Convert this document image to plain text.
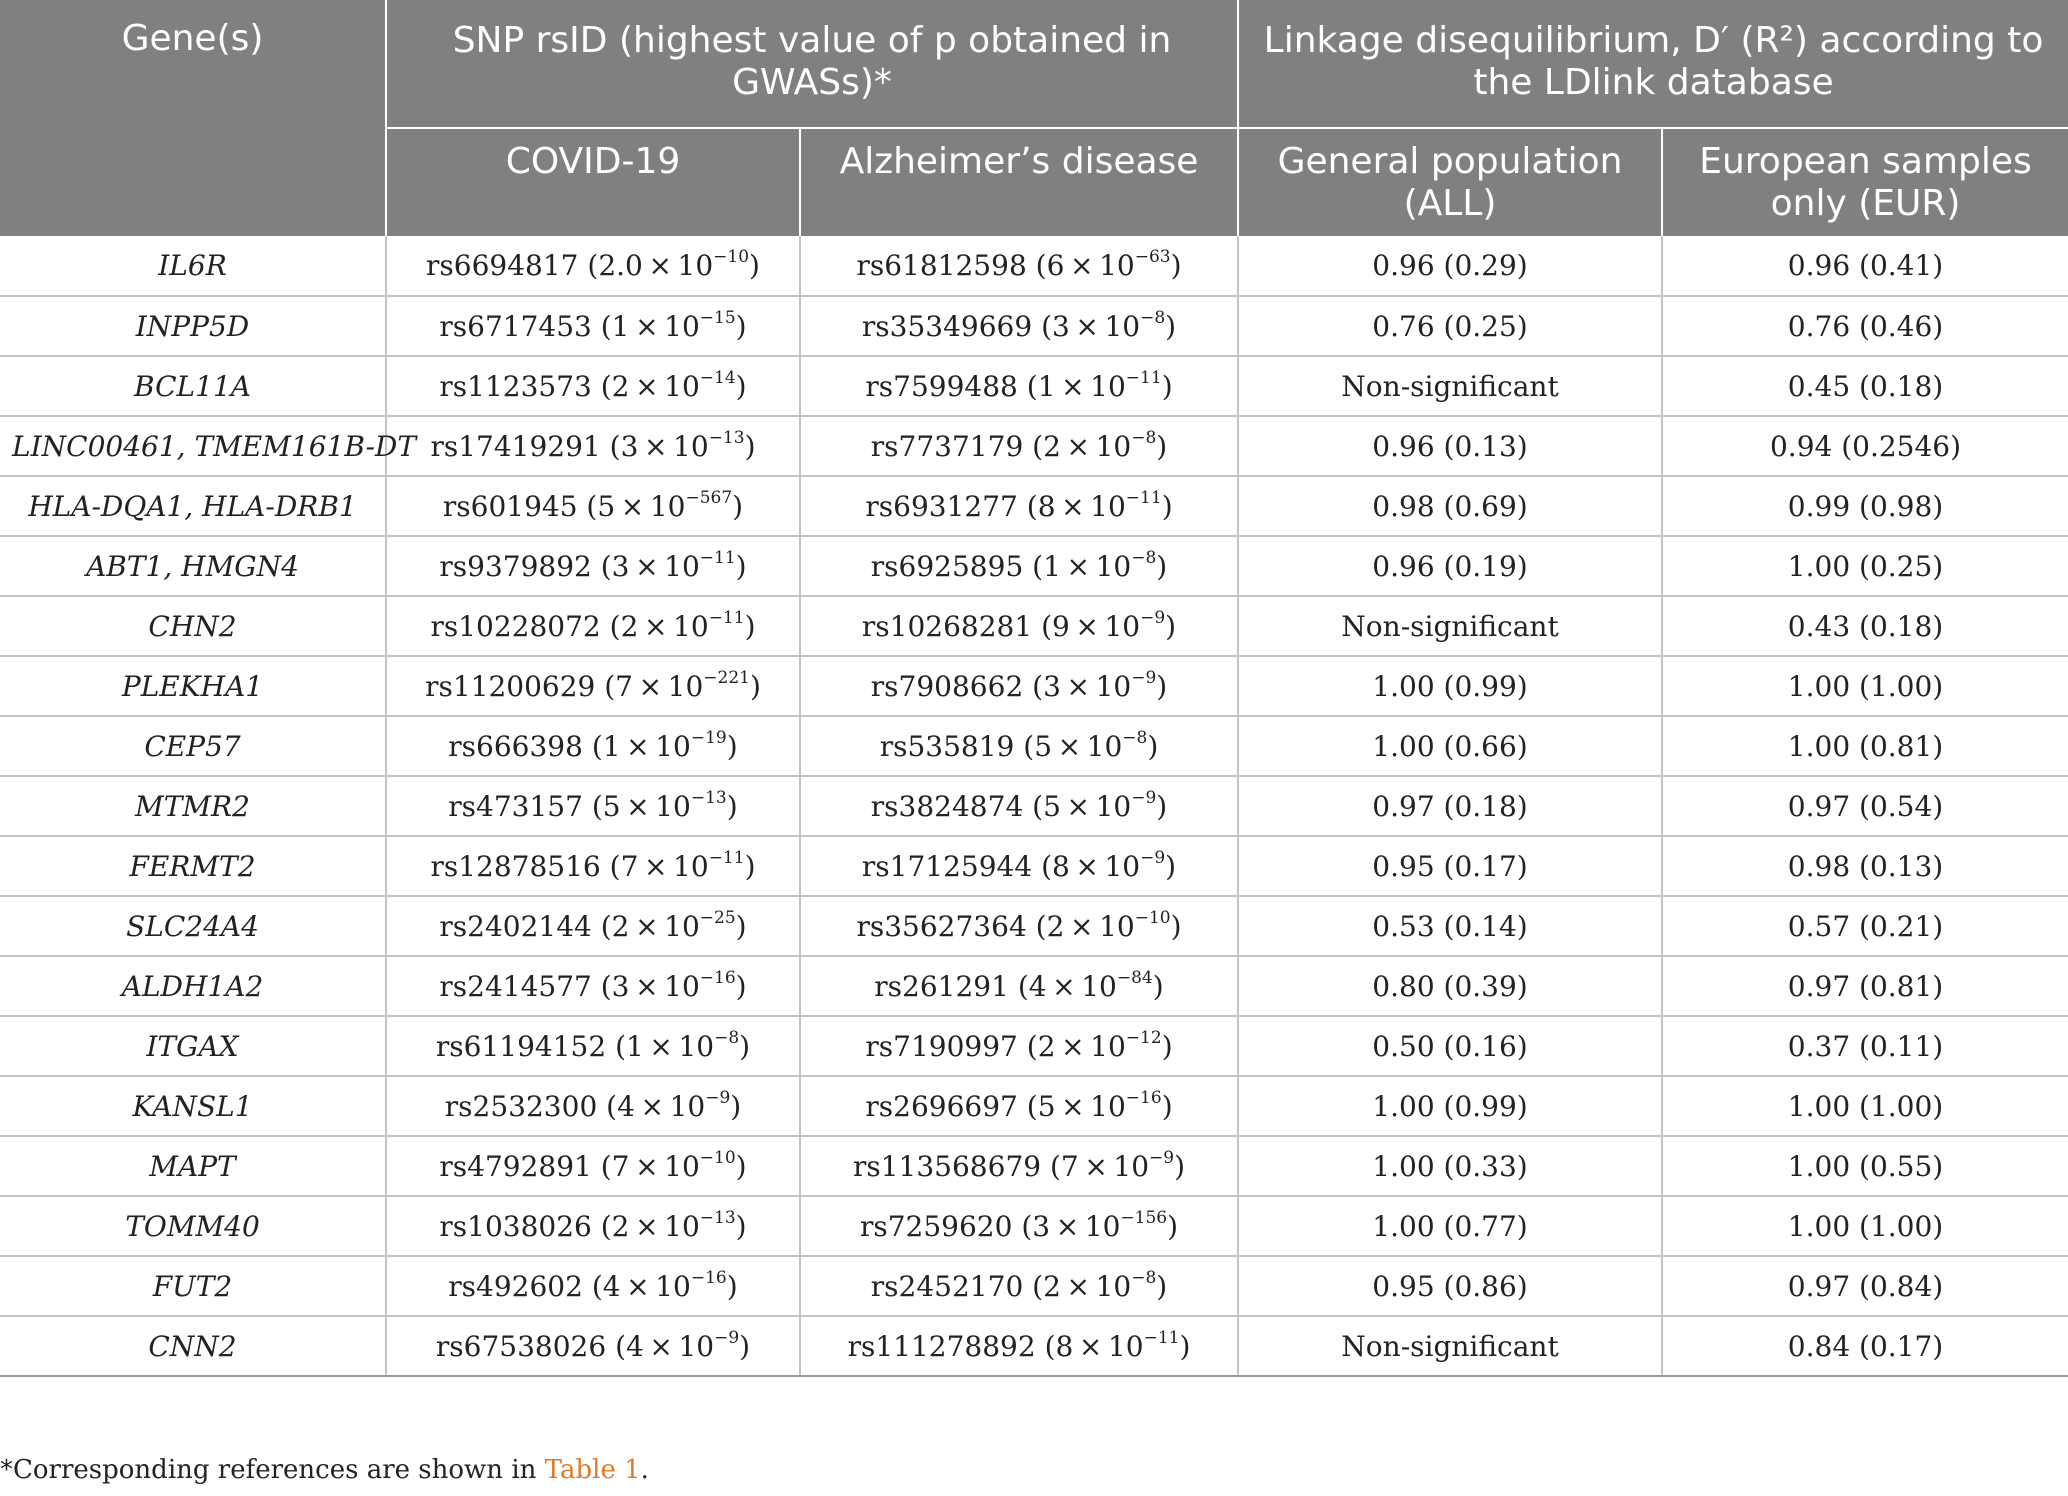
Gene(s)	SNP rsID (highest value of p obtained in GWASs)*		Linkage disequilibrium, D′ (R²) according to the LDlink database	
	COVID-19	Alzheimer’s disease	General population (ALL)	European samples only (EUR)
IL6R	rs6694817 $(2.0 \times 10^{-10})$	rs61812598 $(6 \times 10^{-63})$	0.96 (0.29)	0.96 (0.41)
INPP5D	rs6717453 $(1 \times 10^{-15})$	rs35349669 $(3 \times 10^{-8})$	0.76 (0.25)	0.76 (0.46)
BCL11A	rs1123573 $(2 \times 10^{-14})$	rs7599488 $(1 \times 10^{-11})$	Non-significant	0.45 (0.18)
LINC00461, TMEM161B-DT	rs17419291 $(3 \times 10^{-13})$	rs7737179 $(2 \times 10^{-8})$	0.96 (0.13)	0.94 (0.2546)
HLA-DQA1, HLA-DRB1	rs601945 $(5 \times 10^{-567})$	rs6931277 $(8 \times 10^{-11})$	0.98 (0.69)	0.99 (0.98)
ABT1, HMGN4	rs9379892 $(3 \times 10^{-11})$	rs6925895 $(1 \times 10^{-8})$	0.96 (0.19)	1.00 (0.25)
CHN2	rs10228072 $(2 \times 10^{-11})$	rs10268281 $(9 \times 10^{-9})$	Non-significant	0.43 (0.18)
PLEKHA1	rs11200629 $(7 \times 10^{-221})$	rs7908662 $(3 \times 10^{-9})$	1.00 (0.99)	1.00 (1.00)
CEP57	rs666398 $(1 \times 10^{-19})$	rs535819 $(5 \times 10^{-8})$	1.00 (0.66)	1.00 (0.81)
MTMR2	rs473157 $(5 \times 10^{-13})$	rs3824874 $(5 \times 10^{-9})$	0.97 (0.18)	0.97 (0.54)
FERMT2	rs12878516 $(7 \times 10^{-11})$	rs17125944 $(8 \times 10^{-9})$	0.95 (0.17)	0.98 (0.13)
SLC24A4	rs2402144 $(2 \times 10^{-25})$	rs35627364 $(2 \times 10^{-10})$	0.53 (0.14)	0.57 (0.21)
ALDH1A2	rs2414577 $(3 \times 10^{-16})$	rs261291 $(4 \times 10^{-84})$	0.80 (0.39)	0.97 (0.81)
ITGAX	rs61194152 $(1 \times 10^{-8})$	rs7190997 $(2 \times 10^{-12})$	0.50 (0.16)	0.37 (0.11)
KANSL1	rs2532300 $(4 \times 10^{-9})$	rs2696697 $(5 \times 10^{-16})$	1.00 (0.99)	1.00 (1.00)
MAPT	rs4792891 $(7 \times 10^{-10})$	rs113568679 $(7 \times 10^{-9})$	1.00 (0.33)	1.00 (0.55)
TOMM40	rs1038026 $(2 \times 10^{-13})$	rs7259620 $(3 \times 10^{-156})$	1.00 (0.77)	1.00 (1.00)
FUT2	rs492602 $(4 \times 10^{-16})$	rs2452170 $(2 \times 10^{-8})$	0.95 (0.86)	0.97 (0.84)
CNN2	rs67538026 $(4 \times 10^{-9})$	rs111278892 $(8 \times 10^{-11})$	Non-significant	0.84 (0.17)
*Corresponding references are shown in Table 1.
